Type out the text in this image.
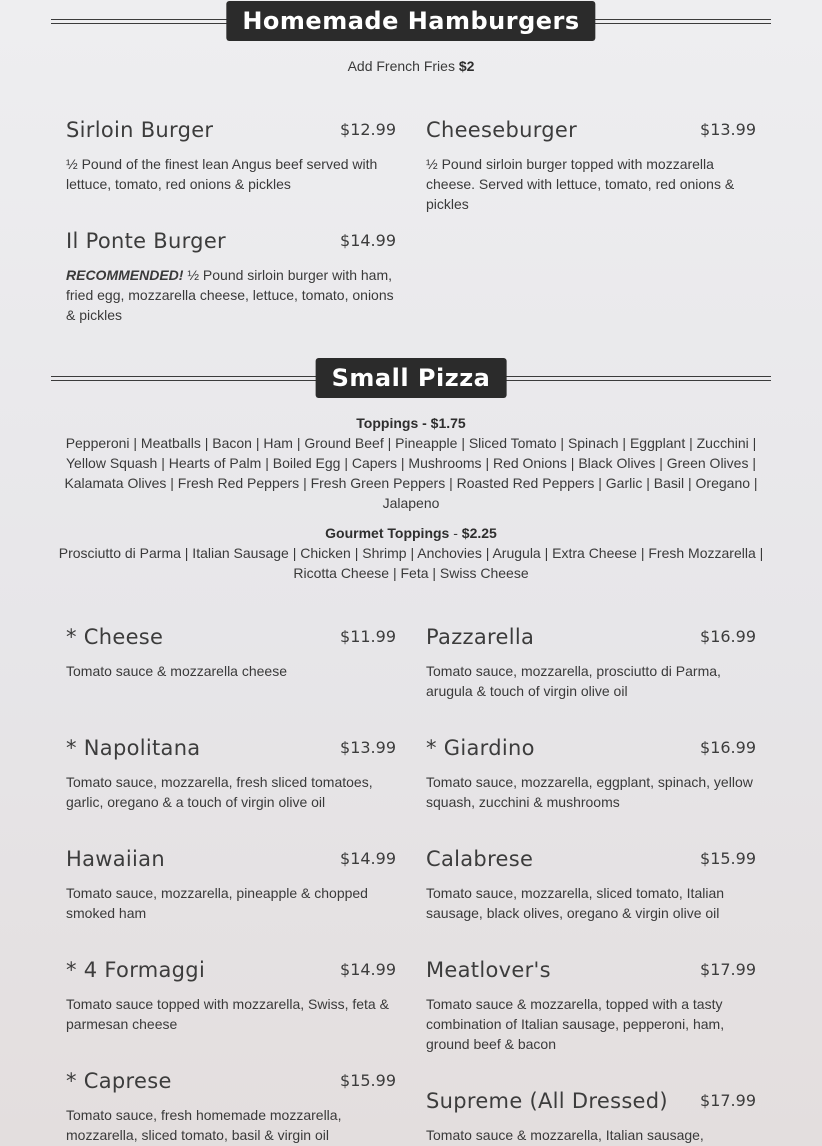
Homemade Hamburgers
Add French Fries $2
Sirloin Burger	$12.99
½ Pound of the finest lean Angus beef served with lettuce, tomato, red onions & pickles
Cheeseburger	$13.99
½ Pound sirloin burger topped with mozzarella cheese. Served with lettuce, tomato, red onions & pickles
Il Ponte Burger	$14.99
RECOMMENDED! ½ Pound sirloin burger with ham, fried egg, mozzarella cheese, lettuce, tomato, onions & pickles
Small Pizza
Toppings - $1.75
Pepperoni | Meatballs | Bacon | Ham | Ground Beef | Pineapple | Sliced Tomato | Spinach | Eggplant | Zucchini | Yellow Squash | Hearts of Palm | Boiled Egg | Capers | Mushrooms | Red Onions | Black Olives | Green Olives | Kalamata Olives | Fresh Red Peppers | Fresh Green Peppers | Roasted Red Peppers | Garlic | Basil | Oregano | Jalapeno
Gourmet Toppings - $2.25
Prosciutto di Parma | Italian Sausage | Chicken | Shrimp | Anchovies | Arugula | Extra Cheese | Fresh Mozzarella | Ricotta Cheese | Feta | Swiss Cheese
* Cheese	$11.99
Tomato sauce & mozzarella cheese
Pazzarella	$16.99
Tomato sauce, mozzarella, prosciutto di Parma, arugula & touch of virgin olive oil
* Napolitana	$13.99
Tomato sauce, mozzarella, fresh sliced tomatoes, garlic, oregano & a touch of virgin olive oil
* Giardino	$16.99
Tomato sauce, mozzarella, eggplant, spinach, yellow squash, zucchini & mushrooms
Hawaiian	$14.99
Tomato sauce, mozzarella, pineapple & chopped smoked ham
Calabrese	$15.99
Tomato sauce, mozzarella, sliced tomato, Italian sausage, black olives, oregano & virgin olive oil
* 4 Formaggi	$14.99
Tomato sauce topped with mozzarella, Swiss, feta & parmesan cheese
Meatlover's	$17.99
Tomato sauce & mozzarella, topped with a tasty combination of Italian sausage, pepperoni, ham, ground beef & bacon
* Caprese	$15.99
Tomato sauce, fresh homemade mozzarella, mozzarella, sliced tomato, basil & virgin oil
Supreme (All Dressed) $17.99
Tomato sauce & mozzarella, Italian sausage,
